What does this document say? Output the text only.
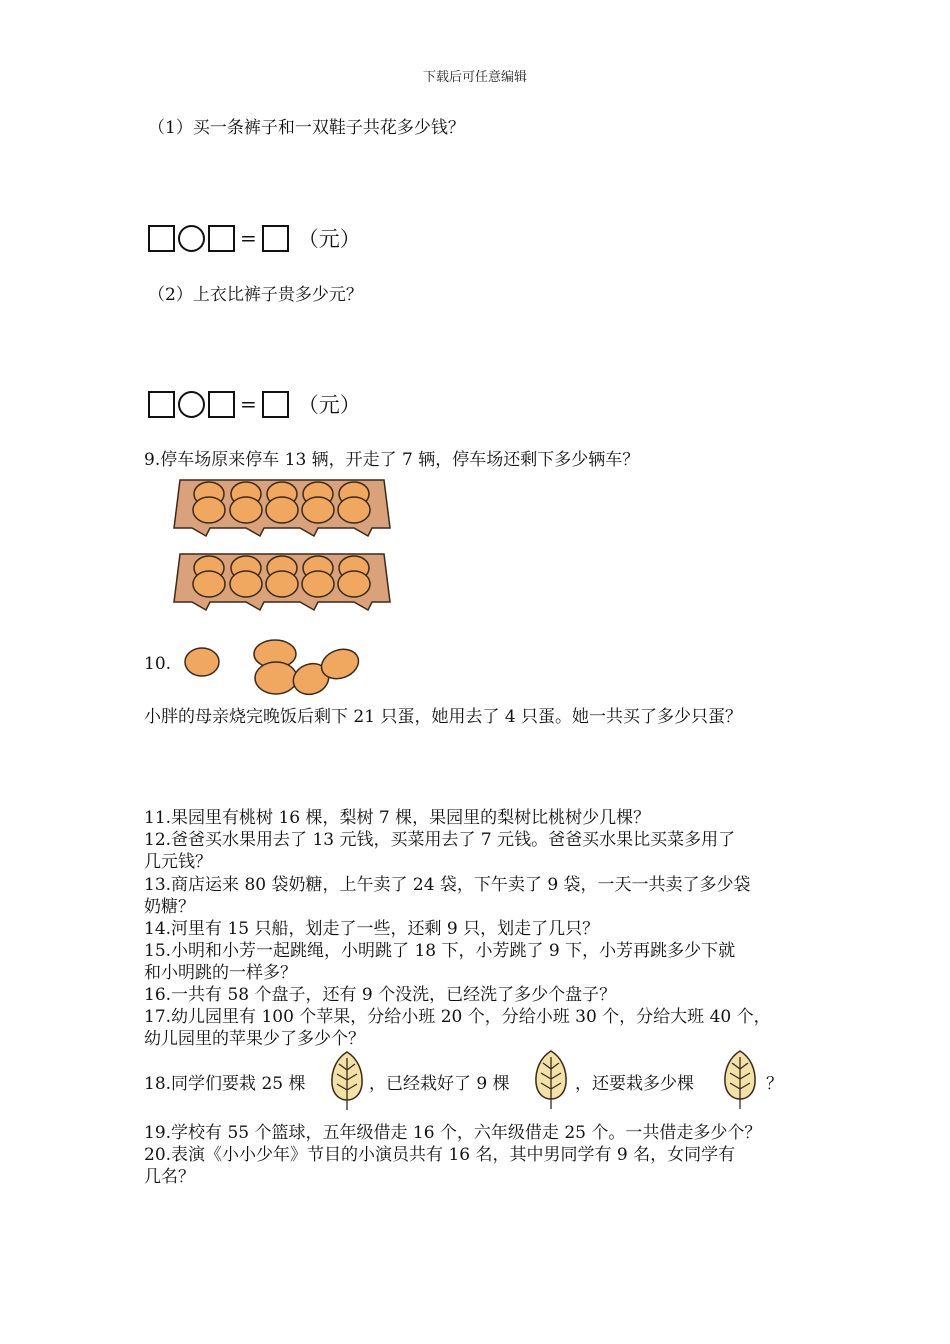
下载后可任意编辑
（1）买一条裤子和一双鞋子共花多少钱？
= （元）
（2）上衣比裤子贵多少元？
= （元）
9.停车场原来停车 13 辆，开走了 7 辆，停车场还剩下多少辆车？
10.
小胖的母亲烧完晚饭后剩下 21 只蛋，她用去了 4 只蛋。她一共买了多少只蛋？
11.果园里有桃树 16 棵，梨树 7 棵，果园里的梨树比桃树少几棵？
12.爸爸买水果用去了 13 元钱，买菜用去了 7 元钱。爸爸买水果比买菜多用了
几元钱？
13.商店运来 80 袋奶糖，上午卖了 24 袋，下午卖了 9 袋，一天一共卖了多少袋
奶糖？
14.河里有 15 只船，划走了一些，还剩 9 只，划走了几只？
15.小明和小芳一起跳绳，小明跳了 18 下，小芳跳了 9 下，小芳再跳多少下就
和小明跳的一样多？
16.一共有 58 个盘子，还有 9 个没洗，已经洗了多少个盘子？
17.幼儿园里有 100 个苹果，分给小班 20 个，分给小班 30 个，分给大班 40 个，
幼儿园里的苹果少了多少个？
18.同学们要栽 25 棵	，已经栽好了 9 棵	，还要栽多少棵	？
19.学校有 55 个篮球，五年级借走 16 个，六年级借走 25 个。一共借走多少个？
20.表演《小小少年》节目的小演员共有 16 名，其中男同学有 9 名，女同学有
几名？
